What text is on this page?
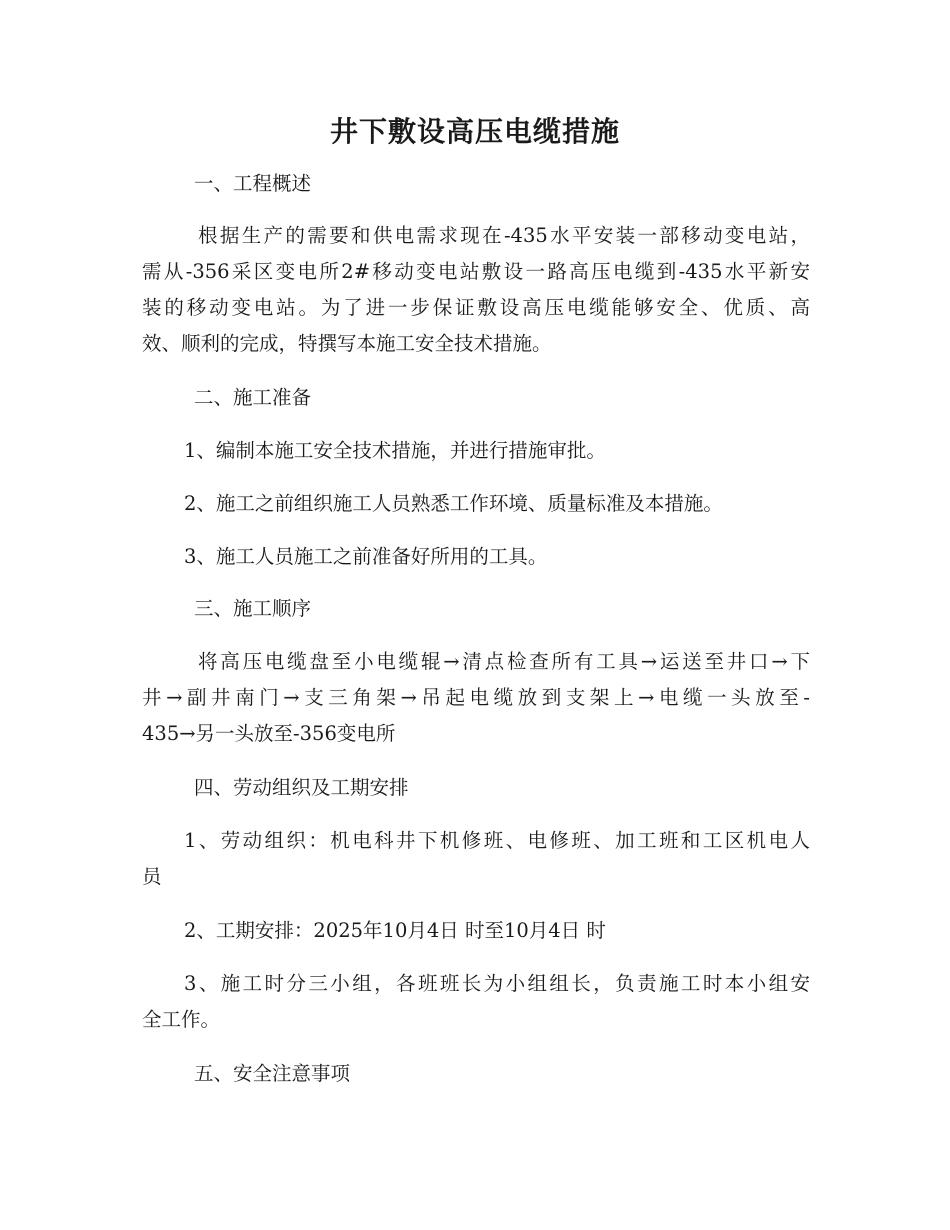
井下敷设高压电缆措施
一、工程概述
根据生产的需要和供电需求现在-435水平安装一部移动变电站，
需从-356采区变电所2#移动变电站敷设一路高压电缆到-435水平新安
装的移动变电站。为了进一步保证敷设高压电缆能够安全、优质、高
效、顺利的完成，特撰写本施工安全技术措施。
二、施工准备
1、编制本施工安全技术措施，并进行措施审批。
2、施工之前组织施工人员熟悉工作环境、质量标准及本措施。
3、施工人员施工之前准备好所用的工具。
三、施工顺序
将高压电缆盘至小电缆辊→清点检查所有工具→运送至井口→下
井→副井南门→支三角架→吊起电缆放到支架上→电缆一头放至-
435→另一头放至-356变电所
四、劳动组织及工期安排
1、劳动组织：机电科井下机修班、电修班、加工班和工区机电人
员
2、工期安排：2025年10月4日 时至10月4日 时
3、施工时分三小组，各班班长为小组组长，负责施工时本小组安
全工作。
五、安全注意事项
